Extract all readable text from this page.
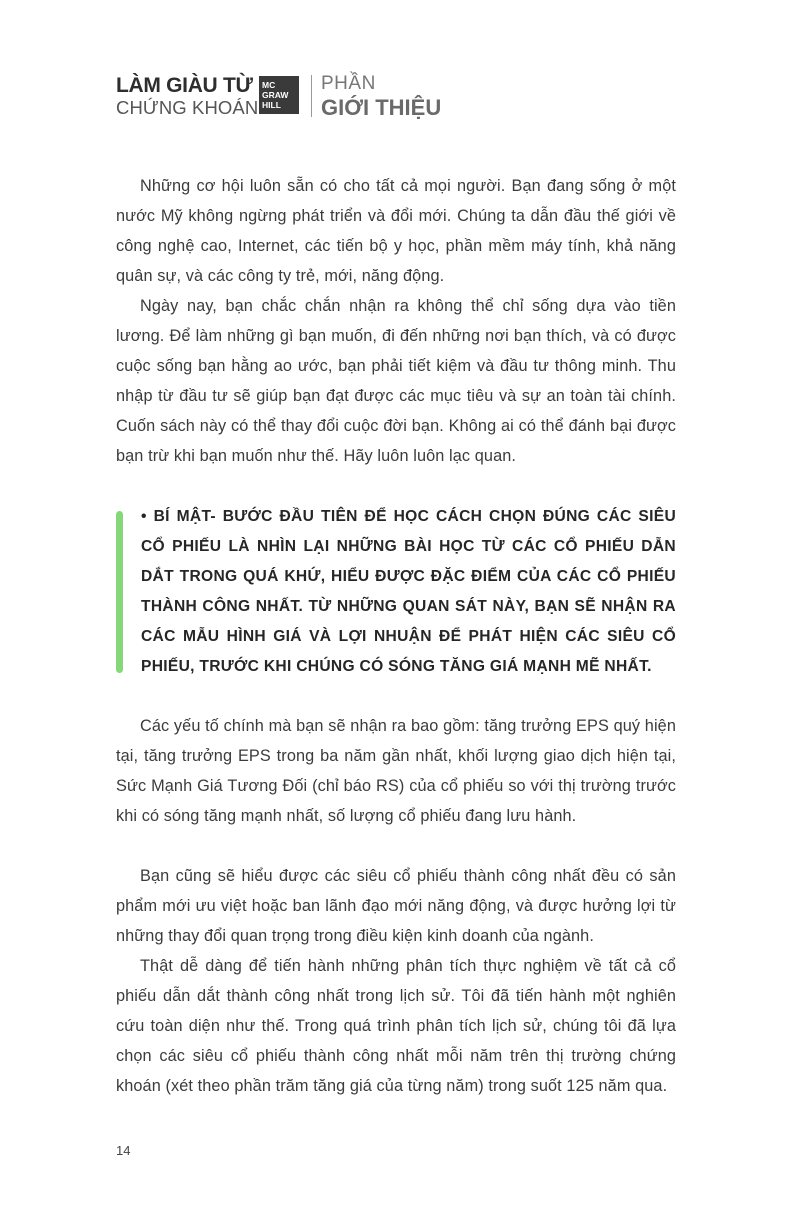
LÀM GIÀU TỪ
CHỨNG KHOÁN
MC
GRAW
HILL
PHẦN
GIỚI THIỆU

Những cơ hội luôn sẵn có cho tất cả mọi người. Bạn đang sống ở một nước Mỹ không ngừng phát triển và đổi mới. Chúng ta dẫn đầu thế giới về công nghệ cao, Internet, các tiến bộ y học, phần mềm máy tính, khả năng quân sự, và các công ty trẻ, mới, năng động.

Ngày nay, bạn chắc chắn nhận ra không thể chỉ sống dựa vào tiền lương. Để làm những gì bạn muốn, đi đến những nơi bạn thích, và có được cuộc sống bạn hằng ao ước, bạn phải tiết kiệm và đầu tư thông minh. Thu nhập từ đầu tư sẽ giúp bạn đạt được các mục tiêu và sự an toàn tài chính. Cuốn sách này có thể thay đổi cuộc đời bạn. Không ai có thể đánh bại được bạn trừ khi bạn muốn như thế. Hãy luôn luôn lạc quan.

• BÍ MẬT- BƯỚC ĐẦU TIÊN ĐỂ HỌC CÁCH CHỌN ĐÚNG CÁC SIÊU CỔ PHIẾU LÀ NHÌN LẠI NHỮNG BÀI HỌC TỪ CÁC CỔ PHIẾU DẪN DẮT TRONG QUÁ KHỨ, HIỂU ĐƯỢC ĐẶC ĐIỂM CỦA CÁC CỔ PHIẾU THÀNH CÔNG NHẤT. TỪ NHỮNG QUAN SÁT NÀY, BẠN SẼ NHẬN RA CÁC MẪU HÌNH GIÁ VÀ LỢI NHUẬN ĐỂ PHÁT HIỆN CÁC SIÊU CỔ PHIẾU, TRƯỚC KHI CHÚNG CÓ SÓNG TĂNG GIÁ MẠNH MẼ NHẤT.

Các yếu tố chính mà bạn sẽ nhận ra bao gồm: tăng trưởng EPS quý hiện tại, tăng trưởng EPS trong ba năm gần nhất, khối lượng giao dịch hiện tại, Sức Mạnh Giá Tương Đối (chỉ báo RS) của cổ phiếu so với thị trường trước khi có sóng tăng mạnh nhất, số lượng cổ phiếu đang lưu hành.

Bạn cũng sẽ hiểu được các siêu cổ phiếu thành công nhất đều có sản phẩm mới ưu việt hoặc ban lãnh đạo mới năng động, và được hưởng lợi từ những thay đổi quan trọng trong điều kiện kinh doanh của ngành.

Thật dễ dàng để tiến hành những phân tích thực nghiệm về tất cả cổ phiếu dẫn dắt thành công nhất trong lịch sử. Tôi đã tiến hành một nghiên cứu toàn diện như thế. Trong quá trình phân tích lịch sử, chúng tôi đã lựa chọn các siêu cổ phiếu thành công nhất mỗi năm trên thị trường chứng khoán (xét theo phần trăm tăng giá của từng năm) trong suốt 125 năm qua.

14
